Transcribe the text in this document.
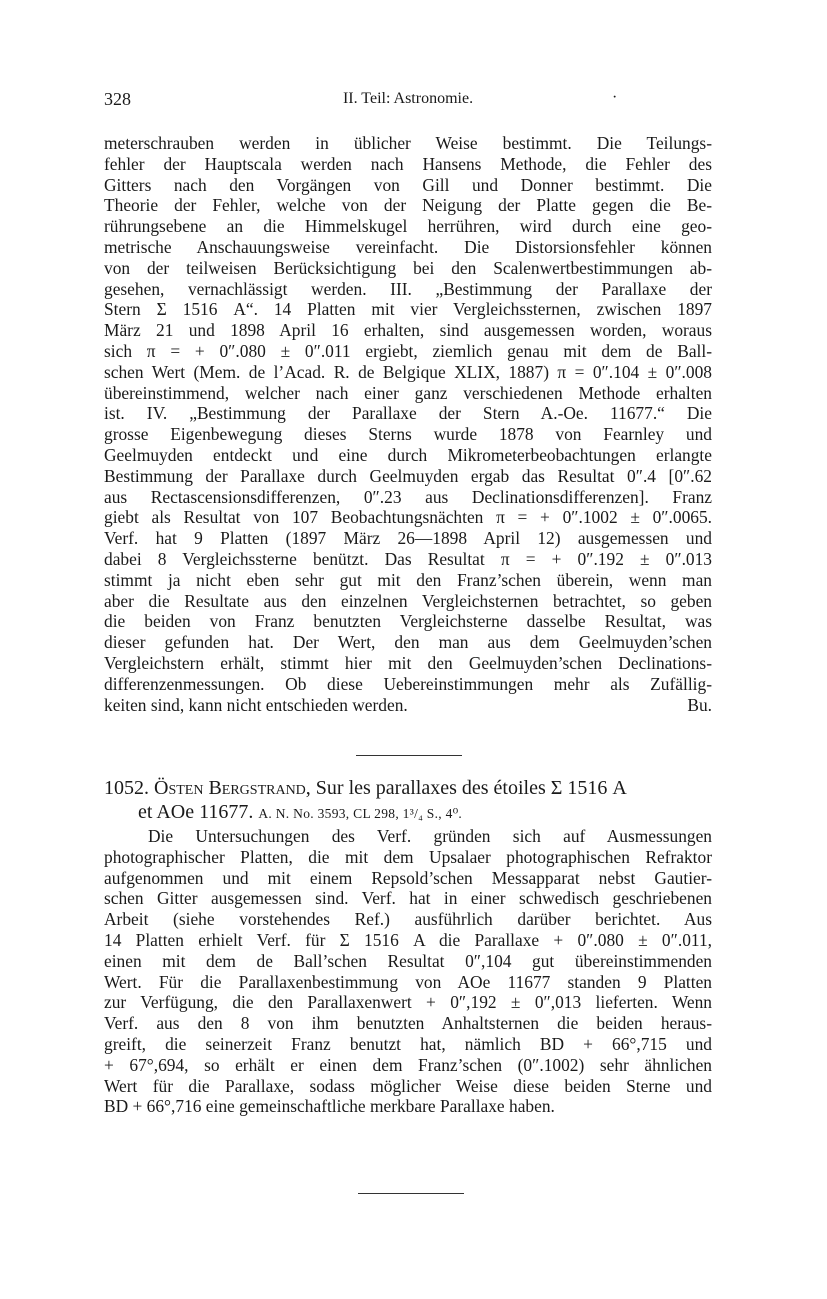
328	II. Teil: Astronomie.	·
meterschrauben werden in üblicher Weise bestimmt. Die Teilungs-
fehler der Hauptscala werden nach Hansens Methode, die Fehler des
Gitters nach den Vorgängen von Gill und Donner bestimmt. Die
Theorie der Fehler, welche von der Neigung der Platte gegen die Be-
rührungsebene an die Himmelskugel herrühren, wird durch eine geo-
metrische Anschauungsweise vereinfacht. Die Distorsionsfehler können
von der teilweisen Berücksichtigung bei den Scalenwertbestimmungen ab-
gesehen, vernachlässigt werden. III. „Bestimmung der Parallaxe der
Stern Σ 1516 A“. 14 Platten mit vier Vergleichssternen, zwischen 1897
März 21 und 1898 April 16 erhalten, sind ausgemessen worden, woraus
sich π = + 0″.080 ± 0″.011 ergiebt, ziemlich genau mit dem de Ball-
schen Wert (Mem. de l’Acad. R. de Belgique XLIX, 1887) π = 0″.104 ± 0″.008
übereinstimmend, welcher nach einer ganz verschiedenen Methode erhalten
ist. IV. „Bestimmung der Parallaxe der Stern A.-Oe. 11677.“ Die
grosse Eigenbewegung dieses Sterns wurde 1878 von Fearnley und
Geelmuyden entdeckt und eine durch Mikrometerbeobachtungen erlangte
Bestimmung der Parallaxe durch Geelmuyden ergab das Resultat 0″.4 [0″.62
aus Rectascensionsdifferenzen, 0″.23 aus Declinationsdifferenzen]. Franz
giebt als Resultat von 107 Beobachtungsnächten π = + 0″.1002 ± 0″.0065.
Verf. hat 9 Platten (1897 März 26—1898 April 12) ausgemessen und
dabei 8 Vergleichssterne benützt. Das Resultat π = + 0″.192 ± 0″.013
stimmt ja nicht eben sehr gut mit den Franz’schen überein, wenn man
aber die Resultate aus den einzelnen Vergleichsternen betrachtet, so geben
die beiden von Franz benutzten Vergleichsterne dasselbe Resultat, was
dieser gefunden hat. Der Wert, den man aus dem Geelmuyden’schen
Vergleichstern erhält, stimmt hier mit den Geelmuyden’schen Declinations-
differenzenmessungen. Ob diese Uebereinstimmungen mehr als Zufällig-
keiten sind, kann nicht entschieden werden.	Bu.
1052. Östen Bergstrand, Sur les parallaxes des étoiles Σ 1516 A
et AOe 11677. A. N. No. 3593, CL 298, 1³/₄ S., 4⁰.
Die Untersuchungen des Verf. gründen sich auf Ausmessungen
photographischer Platten, die mit dem Upsalaer photographischen Refraktor
aufgenommen und mit einem Repsold’schen Messapparat nebst Gautier-
schen Gitter ausgemessen sind. Verf. hat in einer schwedisch geschriebenen
Arbeit (siehe vorstehendes Ref.) ausführlich darüber berichtet. Aus
14 Platten erhielt Verf. für Σ 1516 A die Parallaxe + 0″.080 ± 0″.011,
einen mit dem de Ball’schen Resultat 0″,104 gut übereinstimmenden
Wert. Für die Parallaxenbestimmung von AOe 11677 standen 9 Platten
zur Verfügung, die den Parallaxenwert + 0″,192 ± 0″,013 lieferten. Wenn
Verf. aus den 8 von ihm benutzten Anhaltsternen die beiden heraus-
greift, die seinerzeit Franz benutzt hat, nämlich BD + 66°,715 und
+ 67°,694, so erhält er einen dem Franz’schen (0″.1002) sehr ähnlichen
Wert für die Parallaxe, sodass möglicher Weise diese beiden Sterne und
BD + 66°,716 eine gemeinschaftliche merkbare Parallaxe haben.
